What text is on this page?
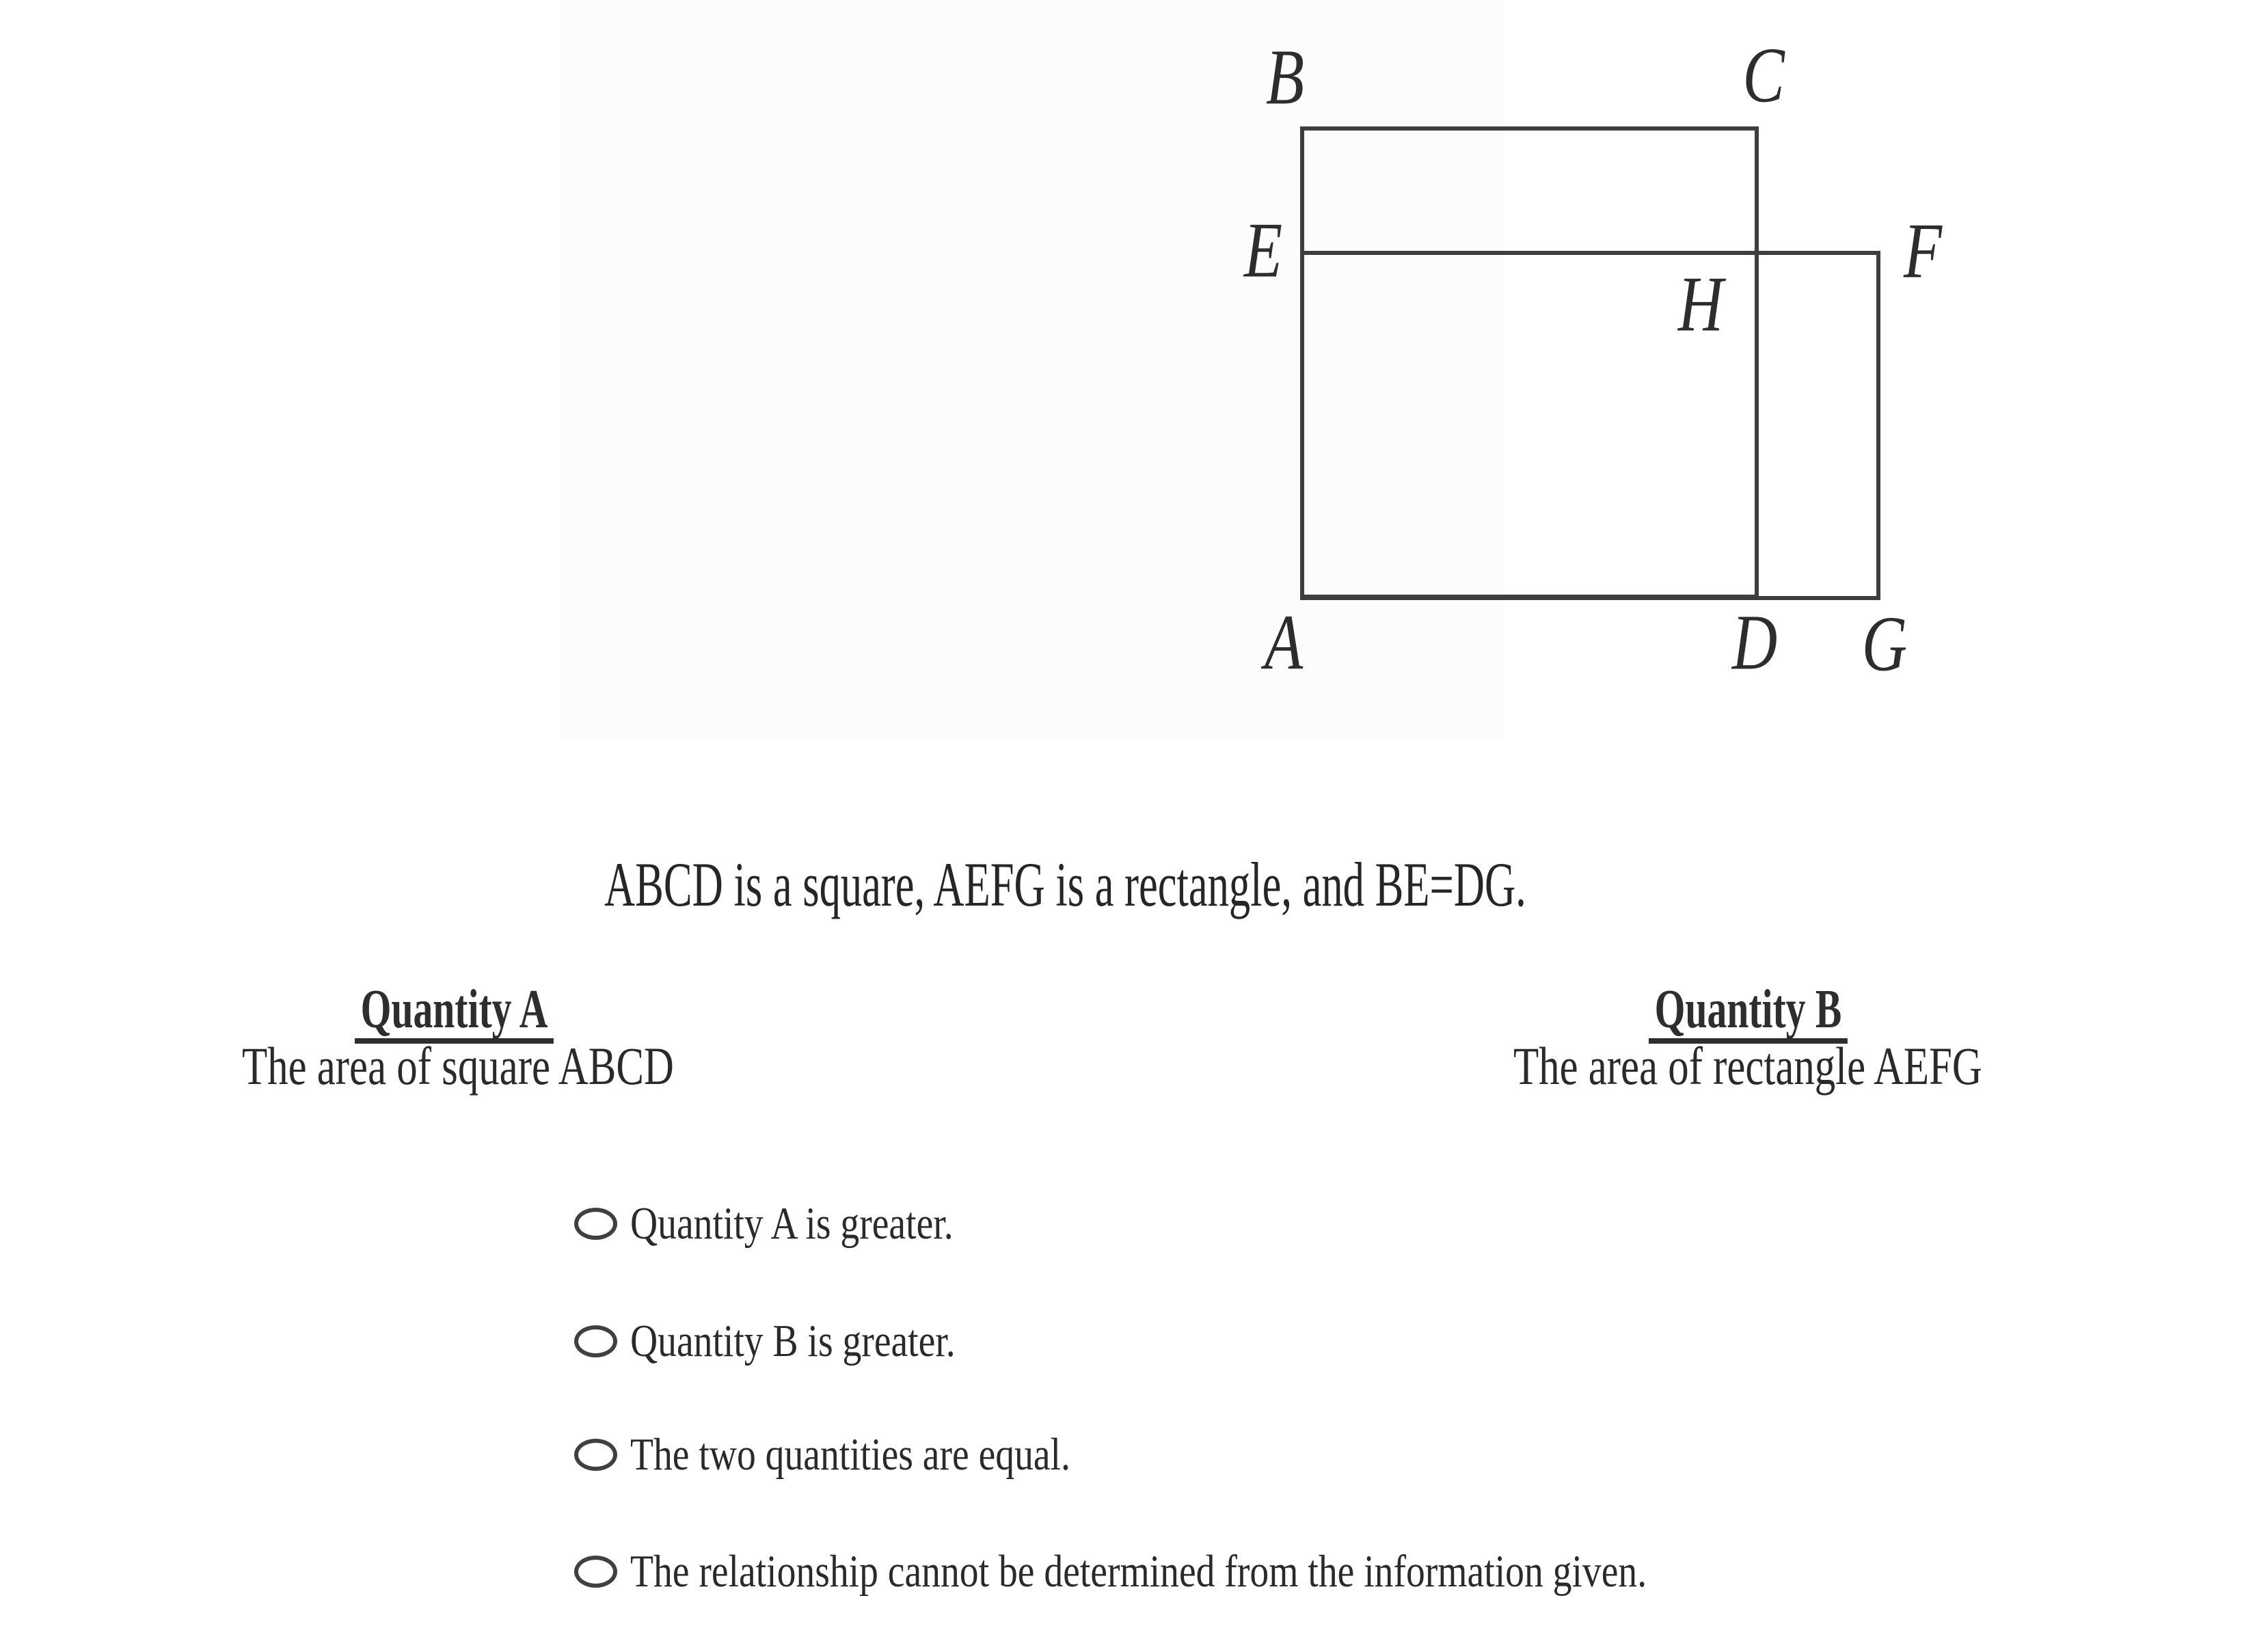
B	C
E	F
H
A	D G

ABCD is a square, AEFG is a rectangle, and BE=DG.

Quantity A

The area of square ABCD

Quantity B

The area of rectangle AEFG

Quantity A is greater.
Quantity B is greater.
The two quantities are equal.
The relationship cannot be determined from the information given.
